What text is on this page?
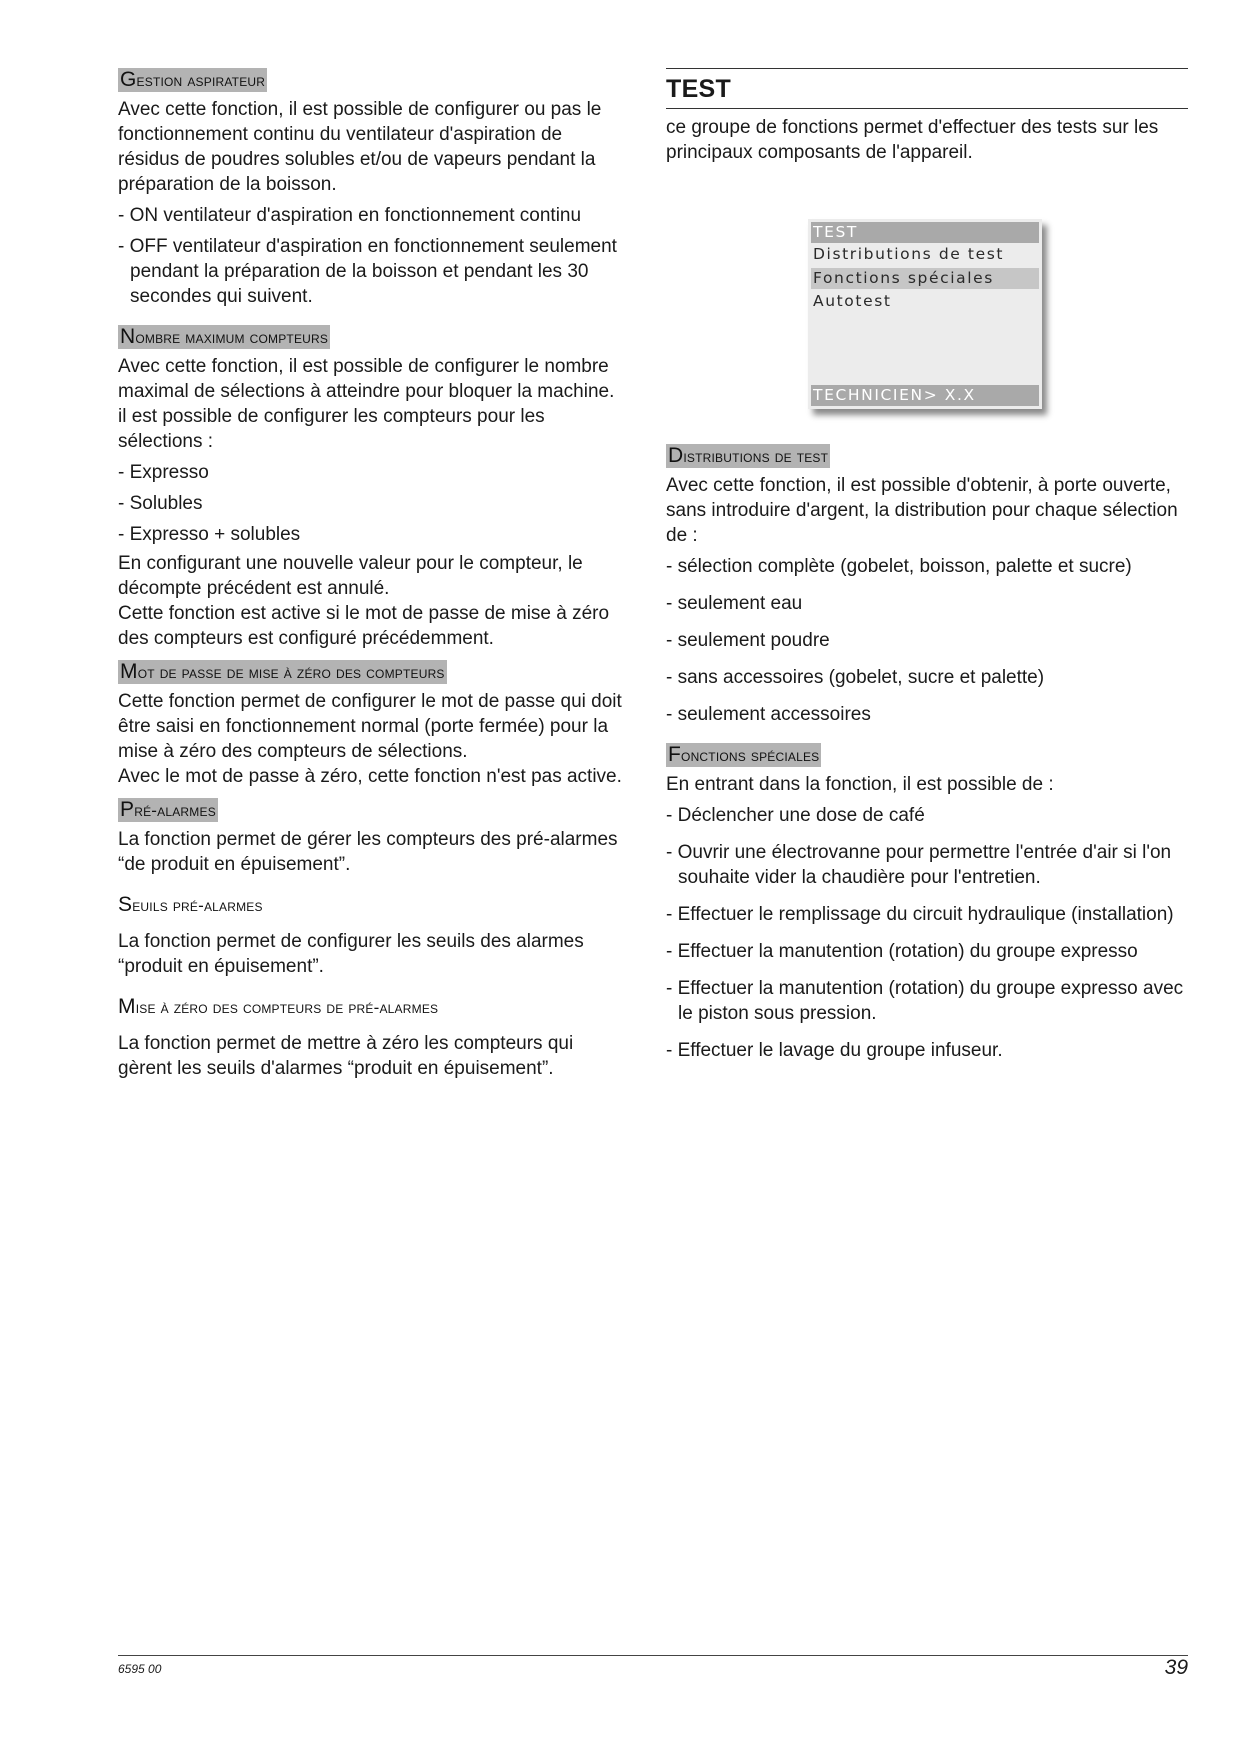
Gestion aspirateur

Avec cette fonction, il est possible de configurer ou pas le fonctionnement continu du ventilateur d'aspiration de résidus de poudres solubles et/ou de vapeurs pendant la préparation de la boisson.

- ON ventilateur d'aspiration en fonctionnement continu

- OFF ventilateur d'aspiration en fonctionnement seulement pendant la préparation de la boisson et pendant les 30 secondes qui suivent.

Nombre maximum compteurs

Avec cette fonction, il est possible de configurer le nombre maximal de sélections à atteindre pour bloquer la machine.

il est possible de configurer les compteurs pour les sélections :

- Expresso

- Solubles

- Expresso + solubles

En configurant une nouvelle valeur pour le compteur, le décompte précédent est annulé.

Cette fonction est active si le mot de passe de mise à zéro des compteurs est configuré précédemment.

Mot de passe de mise à zéro des compteurs

Cette fonction permet de configurer le mot de passe qui doit être saisi en fonctionnement normal (porte fermée) pour la mise à zéro des compteurs de sélections.

Avec le mot de passe à zéro, cette fonction n'est pas active.

Pré-alarmes

La fonction permet de gérer les compteurs des pré-alarmes “de produit en épuisement”.

Seuils pré-alarmes

La fonction permet de configurer les seuils des alarmes “produit en épuisement”.

Mise à zéro des compteurs de pré-alarmes

La fonction permet de mettre à zéro les compteurs qui gèrent les seuils d'alarmes “produit en épuisement”.

TEST

ce groupe de fonctions permet d'effectuer des tests sur les principaux composants de l'appareil.

Distributions de test

Avec cette fonction, il est possible d'obtenir, à porte ouverte, sans introduire d'argent, la distribution pour chaque sélection de :

- sélection complète (gobelet, boisson, palette et sucre)

- seulement eau

- seulement poudre

- sans accessoires (gobelet, sucre et palette)

- seulement accessoires

Fonctions spéciales

En entrant dans la fonction, il est possible de :

- Déclencher une dose de café

- Ouvrir une électrovanne pour permettre l'entrée d'air si l'on souhaite vider la chaudière pour l'entretien.

- Effectuer le remplissage du circuit hydraulique (installation)

- Effectuer la manutention (rotation) du groupe expresso

- Effectuer la manutention (rotation) du groupe expresso avec le piston sous pression.

- Effectuer le lavage du groupe infuseur.

TEST
Distributions de test
Fonctions spéciales
Autotest
TECHNICIEN> X.X
6595 00	39
